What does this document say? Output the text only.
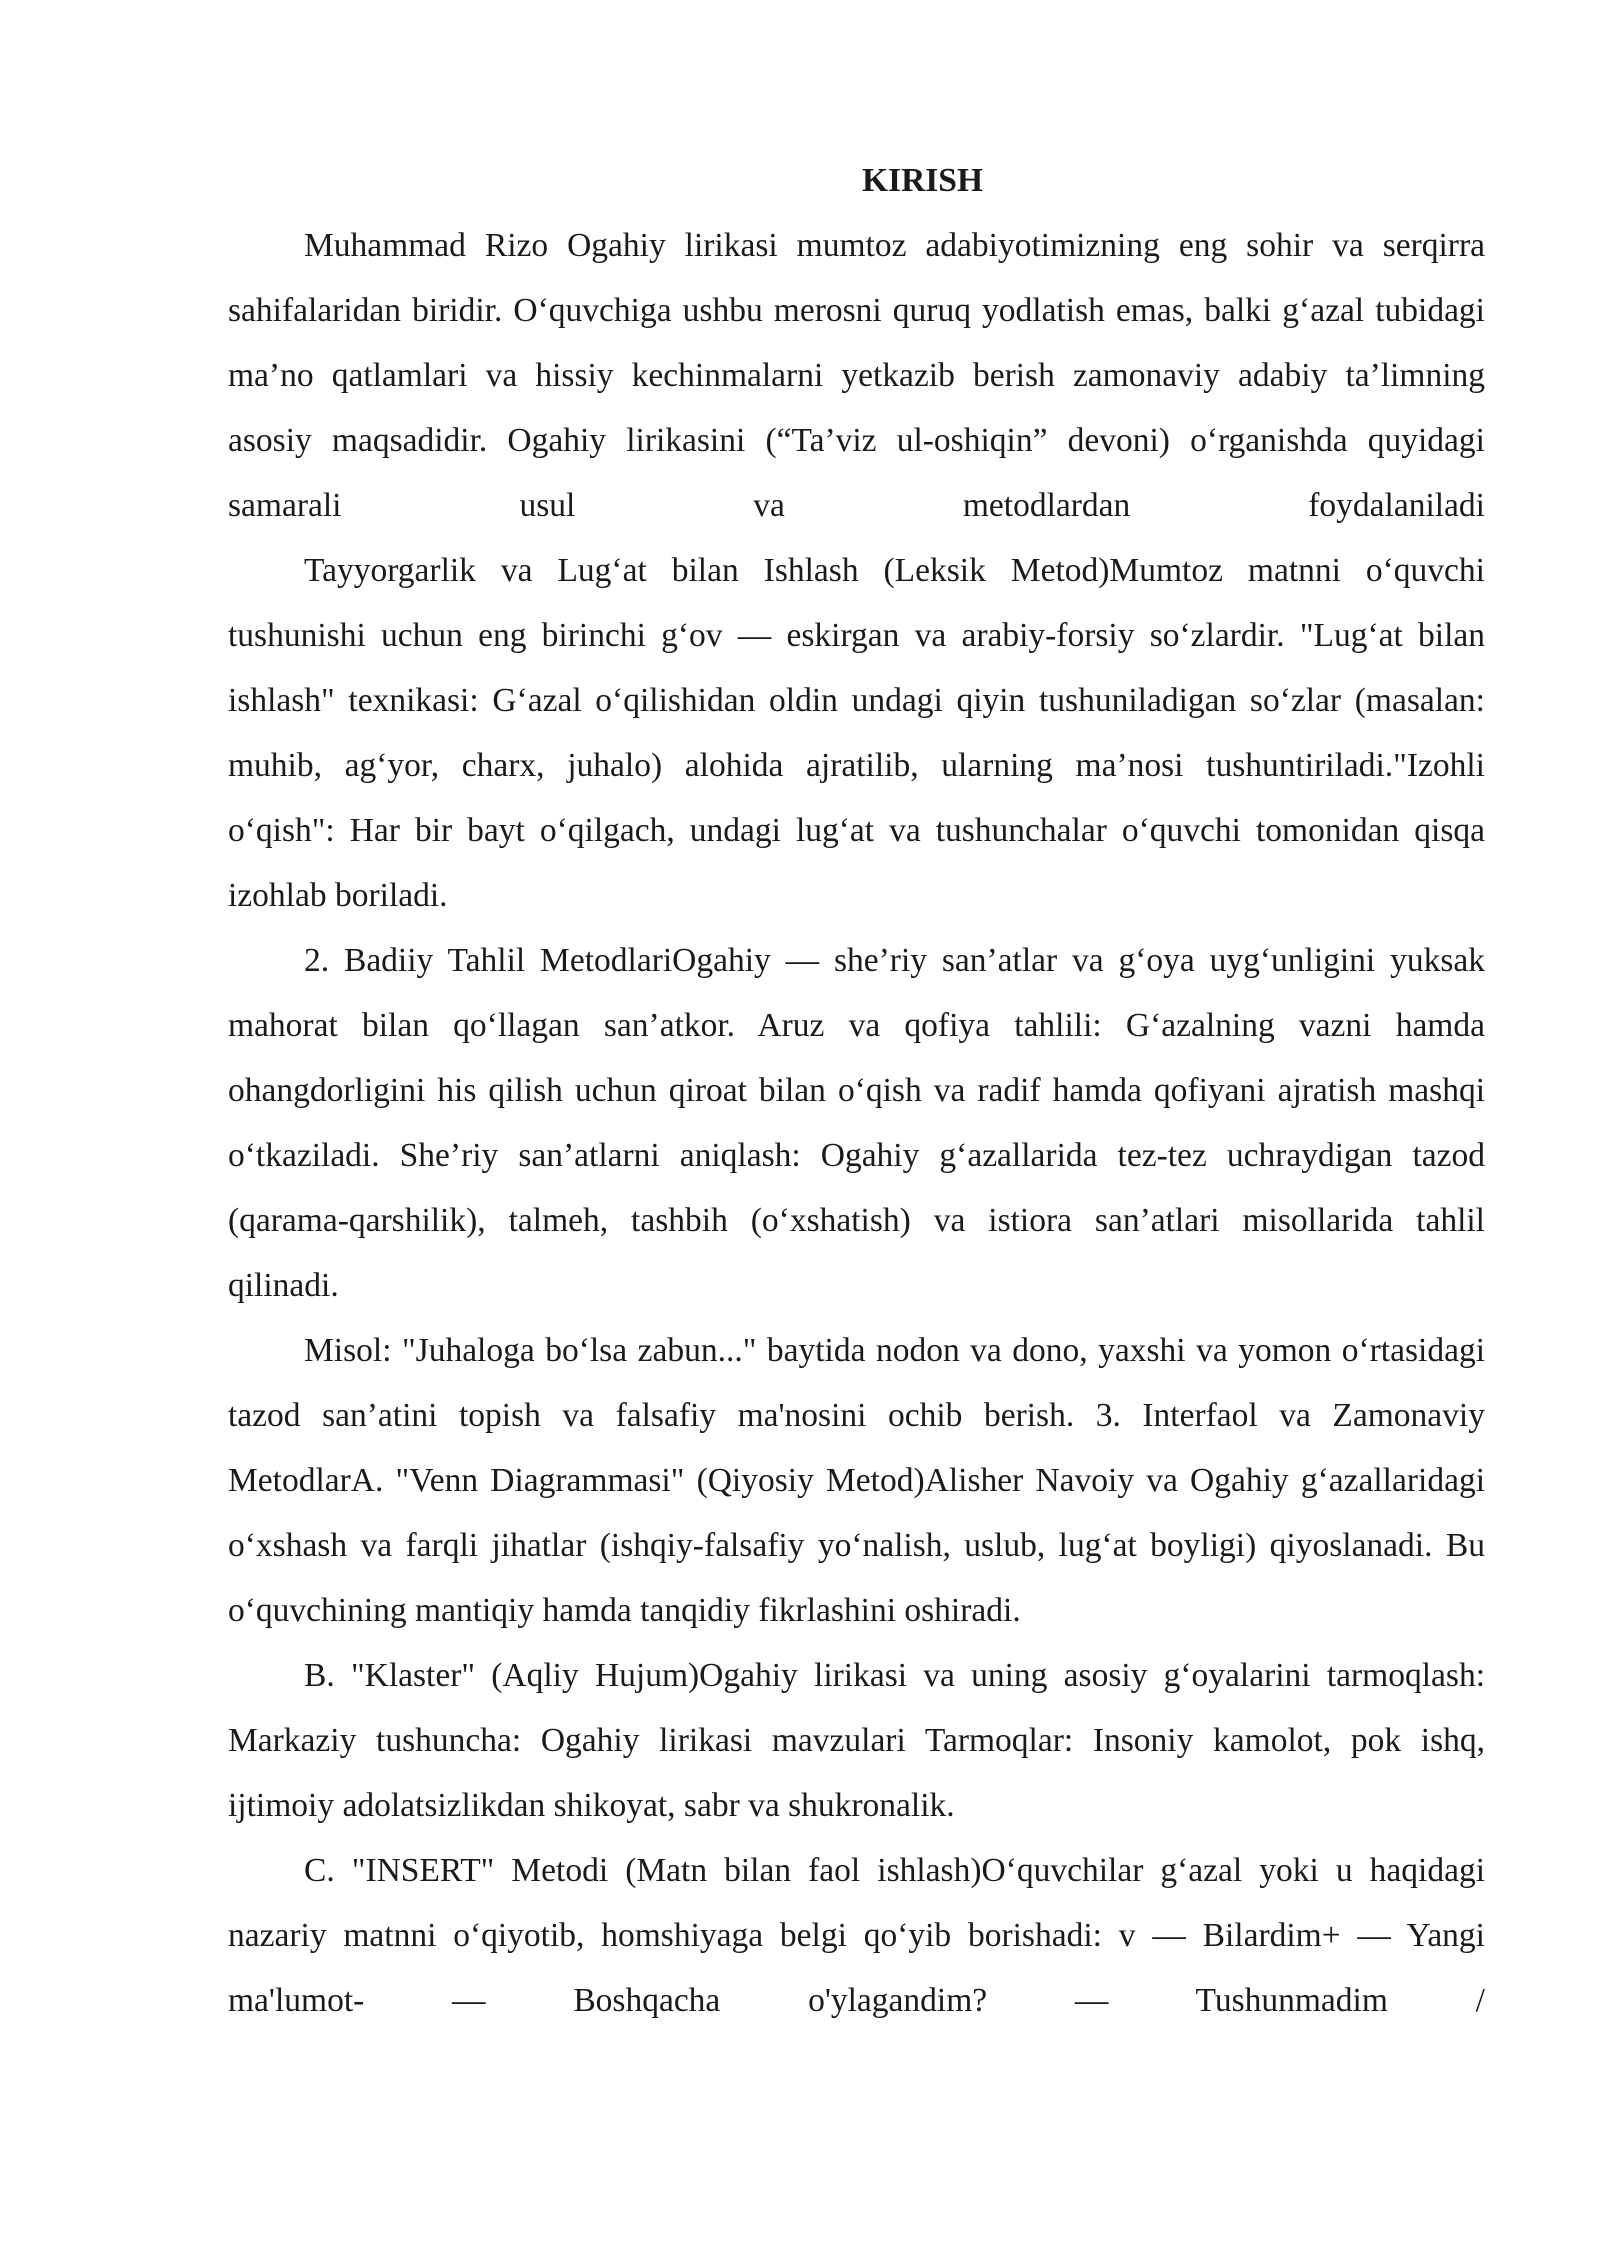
KIRISH

Muhammad Rizo Ogahiy lirikasi mumtoz adabiyotimizning eng sohir va serqirra sahifalaridan biridir. O‘quvchiga ushbu merosni quruq yodlatish emas, balki g‘azal tubidagi ma’no qatlamlari va hissiy kechinmalarni yetkazib berish zamonaviy adabiy ta’limning asosiy maqsadidir. Ogahiy lirikasini (“Ta’viz ul-oshiqin” devoni) o‘rganishda quyidagi samarali usul va metodlardan foydalaniladi

Tayyorgarlik va Lug‘at bilan Ishlash (Leksik Metod)Mumtoz matnni o‘quvchi tushunishi uchun eng birinchi g‘ov — eskirgan va arabiy-forsiy so‘zlardir. "Lug‘at bilan ishlash" texnikasi: G‘azal o‘qilishidan oldin undagi qiyin tushuniladigan so‘zlar (masalan: muhib, ag‘yor, charx, juhalo) alohida ajratilib, ularning ma’nosi tushuntiriladi."Izohli o‘qish": Har bir bayt o‘qilgach, undagi lug‘at va tushunchalar o‘quvchi tomonidan qisqa izohlab boriladi.

2. Badiiy Tahlil MetodlariOgahiy — she’riy san’atlar va g‘oya uyg‘unligini yuksak mahorat bilan qo‘llagan san’atkor. Aruz va qofiya tahlili: G‘azalning vazni hamda ohangdorligini his qilish uchun qiroat bilan o‘qish va radif hamda qofiyani ajratish mashqi o‘tkaziladi. She’riy san’atlarni aniqlash: Ogahiy g‘azallarida tez-tez uchraydigan tazod (qarama-qarshilik), talmeh, tashbih (o‘xshatish) va istiora san’atlari misollarida tahlil qilinadi.

Misol: "Juhaloga bo‘lsa zabun..." baytida nodon va dono, yaxshi va yomon o‘rtasidagi tazod san’atini topish va falsafiy ma'nosini ochib berish. 3. Interfaol va Zamonaviy MetodlarA. "Venn Diagrammasi" (Qiyosiy Metod)Alisher Navoiy va Ogahiy g‘azallaridagi o‘xshash va farqli jihatlar (ishqiy-falsafiy yo‘nalish, uslub, lug‘at boyligi) qiyoslanadi. Bu o‘quvchining mantiqiy hamda tanqidiy fikrlashini oshiradi.

B. "Klaster" (Aqliy Hujum)Ogahiy lirikasi va uning asosiy g‘oyalarini tarmoqlash: Markaziy tushuncha: Ogahiy lirikasi mavzulari Tarmoqlar: Insoniy kamolot, pok ishq, ijtimoiy adolatsizlikdan shikoyat, sabr va shukronalik.

C. "INSERT" Metodi (Matn bilan faol ishlash)O‘quvchilar g‘azal yoki u haqidagi nazariy matnni o‘qiyotib, homshiyaga belgi qo‘yib borishadi: v — Bilardim+ — Yangi ma'lumot- — Boshqacha o'ylagandim? — Tushunmadim /
